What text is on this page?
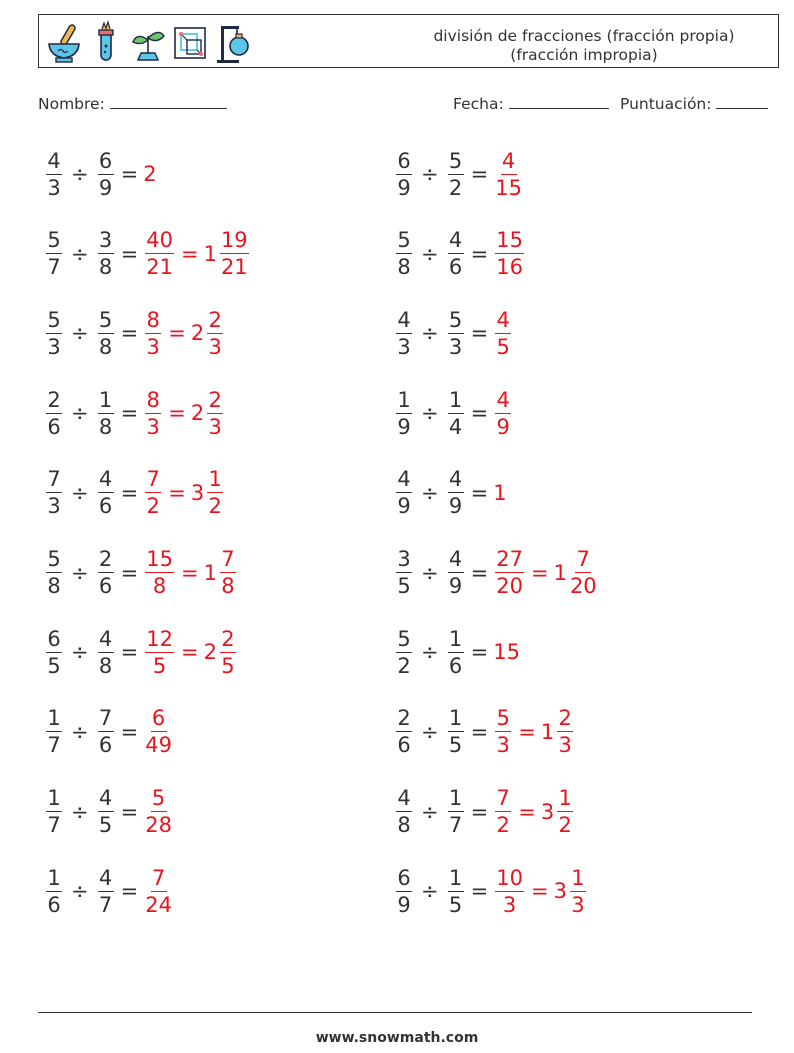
división de fracciones (fracción propia)
(fracción impropia)
Nombre:	Fecha:	Puntuación:
$\frac{4}{3} \div \frac{6}{9} = 2$	$\frac{6}{9} \div \frac{5}{2} = \frac{4}{15}$
$\frac{5}{7} \div \frac{3}{8} = \frac{40}{21} = 1 \frac{19}{21}$	$\frac{5}{8} \div \frac{4}{6} = \frac{15}{16}$
$\frac{5}{3} \div \frac{5}{8} = \frac{8}{3} = 2 \frac{2}{3}$	$\frac{4}{3} \div \frac{5}{3} = \frac{4}{5}$
$\frac{2}{6} \div \frac{1}{8} = \frac{8}{3} = 2 \frac{2}{3}$	$\frac{1}{9} \div \frac{1}{4} = \frac{4}{9}$
$\frac{7}{3} \div \frac{4}{6} = \frac{7}{2} = 3 \frac{1}{2}$	$\frac{4}{9} \div \frac{4}{9} = 1$
$\frac{5}{8} \div \frac{2}{6} = \frac{15}{8} = 1 \frac{7}{8}$	$\frac{3}{5} \div \frac{4}{9} = \frac{27}{20} = 1 \frac{7}{20}$
$\frac{6}{5} \div \frac{4}{8} = \frac{12}{5} = 2 \frac{2}{5}$	$\frac{5}{2} \div \frac{1}{6} = 15$
$\frac{1}{7} \div \frac{7}{6} = \frac{6}{49}$	$\frac{2}{6} \div \frac{1}{5} = \frac{5}{3} = 1 \frac{2}{3}$
$\frac{1}{7} \div \frac{4}{5} = \frac{5}{28}$	$\frac{4}{8} \div \frac{1}{7} = \frac{7}{2} = 3 \frac{1}{2}$
$\frac{1}{6} \div \frac{4}{7} = \frac{7}{24}$	$\frac{6}{9} \div \frac{1}{5} = \frac{10}{3} = 3 \frac{1}{3}$
www.snowmath.com
